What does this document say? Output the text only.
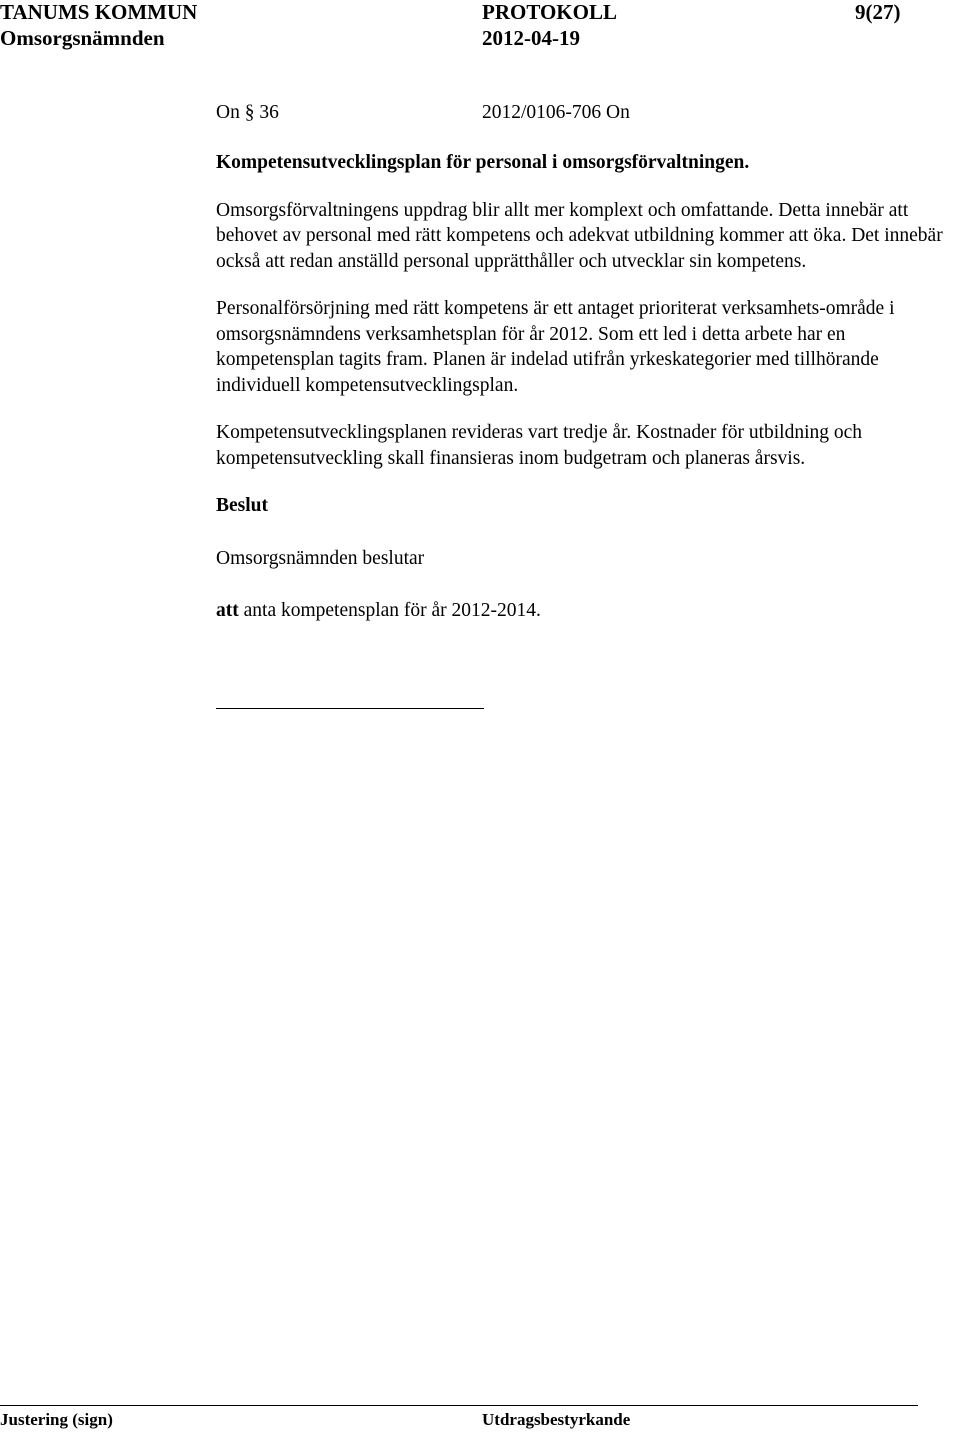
TANUMS KOMMUN	PROTOKOLL	9(27)
Omsorgsnämnden	2012-04-19
On § 36	2012/0106-706 On
Kompetensutvecklingsplan för personal i omsorgsförvaltningen.

Omsorgsförvaltningens uppdrag blir allt mer komplext och omfattande. Detta innebär att behovet av personal med rätt kompetens och adekvat utbildning kommer att öka. Det innebär också att redan anställd personal upprätthåller och utvecklar sin kompetens.

Personalförsörjning med rätt kompetens är ett antaget prioriterat verksamhets-område i omsorgsnämndens verksamhetsplan för år 2012. Som ett led i detta arbete har en kompetensplan tagits fram. Planen är indelad utifrån yrkeskategorier med tillhörande individuell kompetensutvecklingsplan.

Kompetensutvecklingsplanen revideras vart tredje år. Kostnader för utbildning och kompetensutveckling skall finansieras inom budgetram och planeras årsvis.

Beslut
Omsorgsnämnden beslutar
att anta kompetensplan för år 2012-2014.
Justering (sign)	Utdragsbestyrkande
